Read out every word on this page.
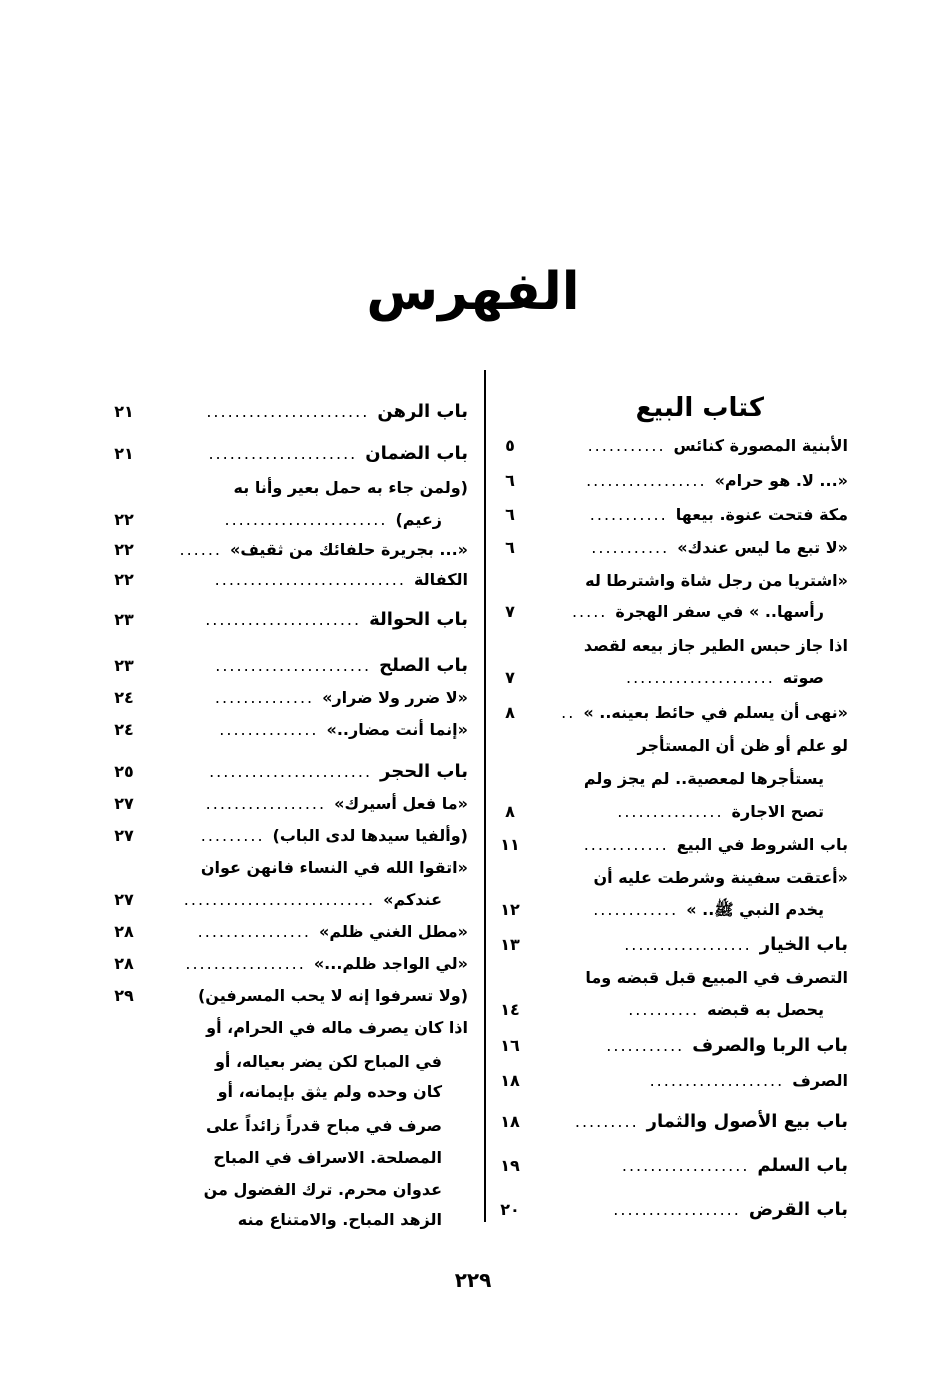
الفهرس
كتاب البيع
الأبنية المصورة كنائس
...........
٥
«... لا. هو حرام»
.................
٦
مكة فتحت عنوة. بيعها
...........
٦
«لا تبع ما ليس عندك»
...........
٦
«اشتريا من رجل شاة واشترطا له
رأسها.. » في سفر الهجرة
.....
٧
اذا جاز حبس الطير جاز بيعه لقصد
صوته
.....................
٧
«نهى أن يسلم في حائط بعينه.. »
..
٨
لو علم أو ظن أن المستأجر
يستأجرها لمعصية.. لم يجز ولم
تصح الاجارة
...............
٨
باب الشروط في البيع
............
١١
«أعتقت سفينة وشرطت عليه أن
يخدم النبي ﷺ.. »
............
١٢
باب الخيار
..................
١٣
التصرف في المبيع قبل قبضه وما
يحصل به قبضه
..........
١٤
باب الربا والصرف
...........
١٦
الصرف
...................
١٨
باب بيع الأصول والثمار
.........
١٨
باب السلم
..................
١٩
باب القرض
..................
٢٠
باب الرهن
.......................
٢١
باب الضمان
.....................
٢١
(ولمن جاء به حمل بعير وأنا به
زعيم)
.......................
٢٢
«... بجريرة حلفائك من ثقيف»
......
٢٢
الكفالة
...........................
٢٢
باب الحوالة
......................
٢٣
باب الصلح
......................
٢٣
«لا ضرر ولا ضرار»
..............
٢٤
«إنما أنت مضار..»
..............
٢٤
باب الحجر
.......................
٢٥
«ما فعل أسيرك»
.................
٢٧
(وألفيا سيدها لدى الباب)
.........
٢٧
«اتقوا الله في النساء فانهن عوان
عندكم»
...........................
٢٧
«مطل الغني ظلم»
................
٢٨
«لي الواجد ظلم...»
.................
٢٨
(ولا تسرفوا إنه لا يحب المسرفين)
٢٩
اذا كان يصرف ماله في الحرام، أو
في المباح لكن يضر بعياله، أو
كان وحده ولم يثق بإيمانه، أو
صرف في مباح قدراً زائداً على
المصلحة. الاسراف في المباح
عدوان محرم. ترك الفضول من
الزهد المباح. والامتناع منه
٢٢٩
